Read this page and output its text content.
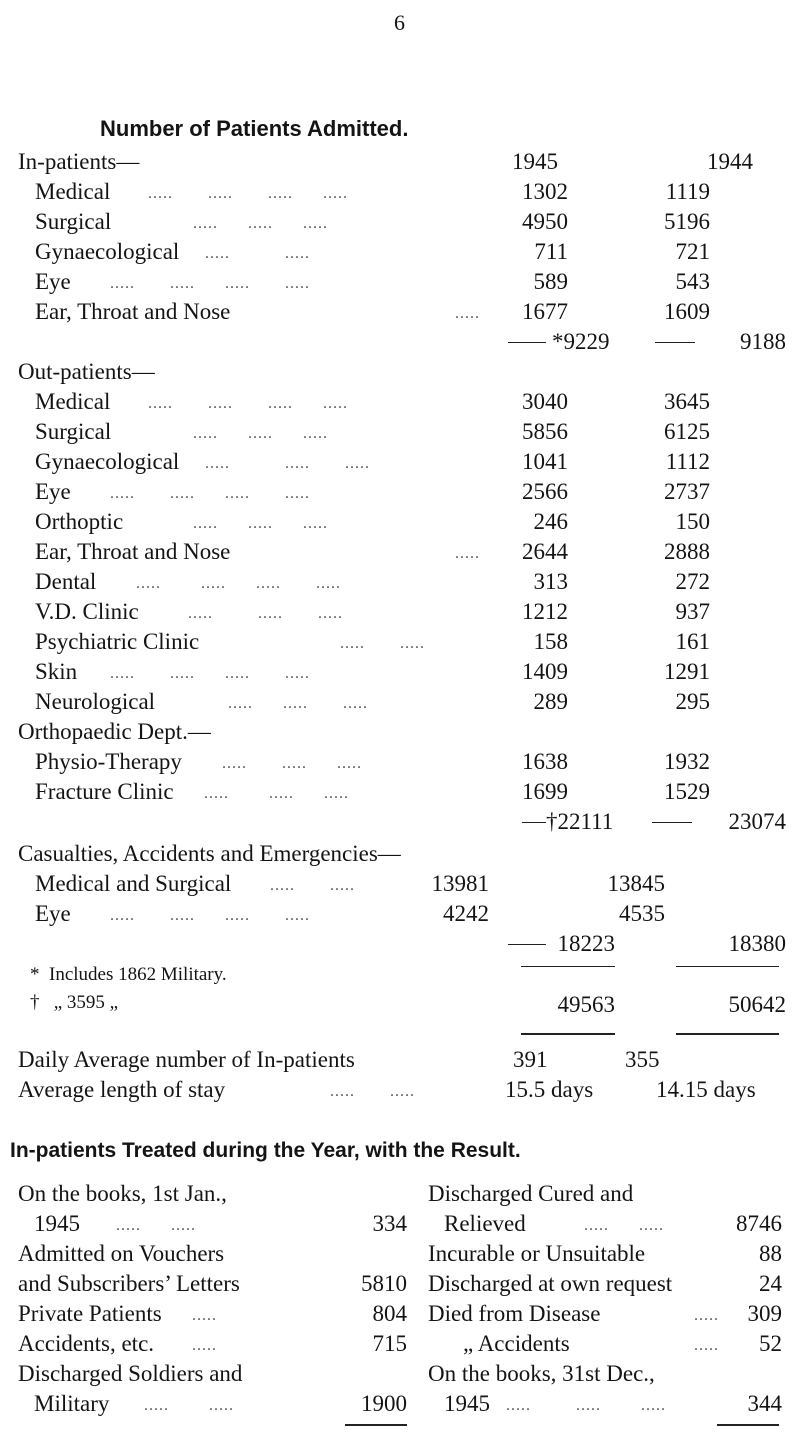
6
Number of Patients Admitted.
In-patients—	1945	1944
Medical .....       .....       .....      .....	1302	1119
Surgical .....      .....      .....	4950	5196
Gynaecological .....           .....	711	721
Eye .....       .....      .....       .....	589	543
Ear, Throat and Nose	..... 1677	1609
*9229	9188
Out-patients—
Medical .....       .....       .....      .....	3040	3645
Surgical .....      .....      .....	5856	6125
Gynaecological .....           .....       .....	1041	1112
Eye .....       .....      .....       .....	2566	2737
Orthoptic .....      .....      .....	246	150
Ear, Throat and Nose	..... 2644	2888
Dental .....        .....      .....       .....	313	272
V.D. Clinic	.....         .....       .....	1212	937
Psychiatric Clinic	.....       .....	158	161
Skin .....       .....      .....       .....	1409	1291
Neurological	.....      .....       .....	289	295
Orthopaedic Dept.—
Physio-Therapy	.....       .....      .....	1638	1932
Fracture Clinic .....        .....      .....	1699	1529
†22111	23074
Casualties, Accidents and Emergencies—
Medical and Surgical .....       .....	13981	13845
Eye .....       .....      .....       .....	4242	4535
18223	18380
* Includes 1862 Military.
† „ 3595 „	49563	50642
Daily Average number of In-patients	391	355
Average length of stay	.....       .....	15.5 days	14.15 days
In-patients Treated during the Year, with the Result.
On the books, 1st Jan.,
1945 .....      .....	334
Admitted on Vouchers
and Subscribers’ Letters	5810
Private Patients .....	804
Accidents, etc. .....	715
Discharged Soldiers and
Military .....        .....	1900
Discharged Cured and
Relieved	.....      .....	8746
Incurable or Unsuitable	88
Discharged at own request	24
Died from Disease	..... 309
„ Accidents	..... 52
On the books, 31st Dec.,
1945 .....         .....        .....	344
